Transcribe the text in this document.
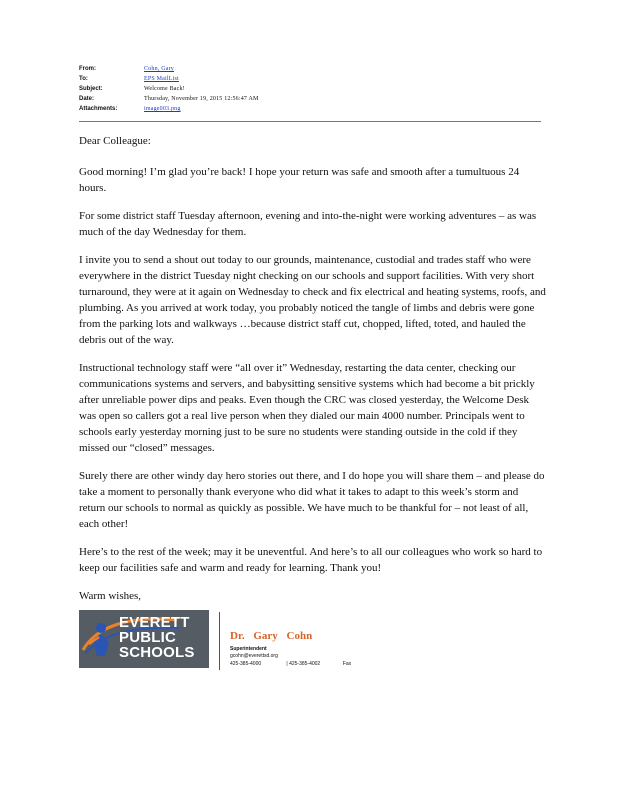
From:	Cohn, Gary
To:	EPS MailList
Subject:	Welcome Back!
Date:	Thursday, November 19, 2015 12:56:47 AM
Attachments:	image003.png

Dear Colleague:

Good morning! I’m glad you’re back! I hope your return was safe and smooth after a tumultuous 24 hours.

For some district staff Tuesday afternoon, evening and into-the-night were working adventures – as was much of the day Wednesday for them.

I invite you to send a shout out today to our grounds, maintenance, custodial and trades staff who were everywhere in the district Tuesday night checking on our schools and support facilities. With very short turnaround, they were at it again on Wednesday to check and fix electrical and heating systems, roofs, and plumbing. As you arrived at work today, you probably noticed the tangle of limbs and debris were gone from the parking lots and walkways …because district staff cut, chopped, lifted, toted, and hauled the debris out of the way.

Instructional technology staff were “all over it” Wednesday, restarting the data center, checking our communications systems and servers, and babysitting sensitive systems which had become a bit prickly after unreliable power dips and peaks. Even though the CRC was closed yesterday, the Welcome Desk was open so callers got a real live person when they dialed our main 4000 number. Principals went to schools early yesterday morning just to be sure no students were standing outside in the cold if they missed our “closed” messages.

Surely there are other windy day hero stories out there, and I do hope you will share them – and please do take a moment to personally thank everyone who did what it takes to adapt to this week’s storm and return our schools to normal as quickly as possible. We have much to be thankful for – not least of all, each other!

Here’s to the rest of the week; may it be uneventful. And here’s to all our colleagues who work so hard to keep our facilities safe and warm and ready for learning. Thank you!

Warm wishes,

EVERETT
PUBLIC
SCHOOLS
Dr. Gary Cohn
Superintendent
gcohn@everettsd.org
425-385-4000	| 425-385-4002	Fax
